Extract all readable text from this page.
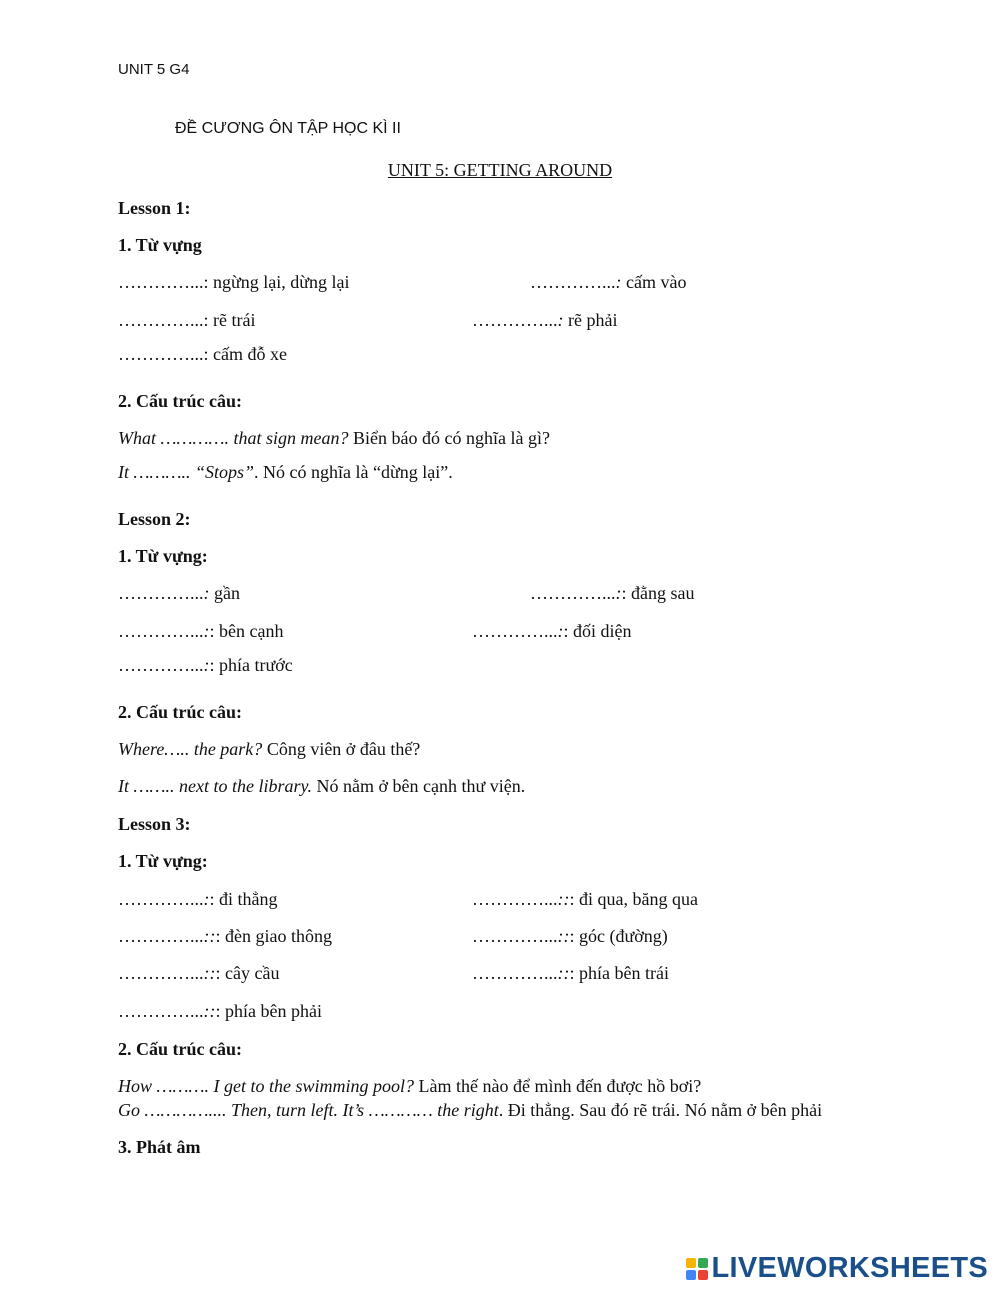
UNIT 5 G4
ĐỀ CƯƠNG ÔN TẬP HỌC KÌ II
UNIT 5: GETTING AROUND
Lesson 1:
1. Từ vựng
…………...: ngừng lại, dừng lại	…………...: cấm vào
…………...: rẽ trái	…………...: rẽ phải
…………...: cấm đỗ xe
2. Cấu trúc câu:
What …………. that sign mean? Biển báo đó có nghĩa là gì?
It ……….. “Stops”. Nó có nghĩa là “dừng lại”.
Lesson 2:
1. Từ vựng:
…………...: gần	…………...:: đằng sau
…………...:: bên cạnh	…………...:: đối diện
…………...:: phía trước
2. Cấu trúc câu:
Where….. the park? Công viên ở đâu thế?
It …….. next to the library. Nó nằm ở bên cạnh thư viện.
Lesson 3:
1. Từ vựng:
…………...:: đi thẳng	…………...::: đi qua, băng qua
…………...::: đèn giao thông	…………...::: góc (đường)
…………...::: cây cầu	…………...::: phía bên trái
…………...::: phía bên phải
2. Cấu trúc câu:
How ………. I get to the swimming pool? Làm thế nào để mình đến được hồ bơi?
Go ………….... Then, turn left. It’s ………… the right. Đi thẳng. Sau đó rẽ trái. Nó nằm ở bên phải
3. Phát âm
LIVEWORKSHEETS
